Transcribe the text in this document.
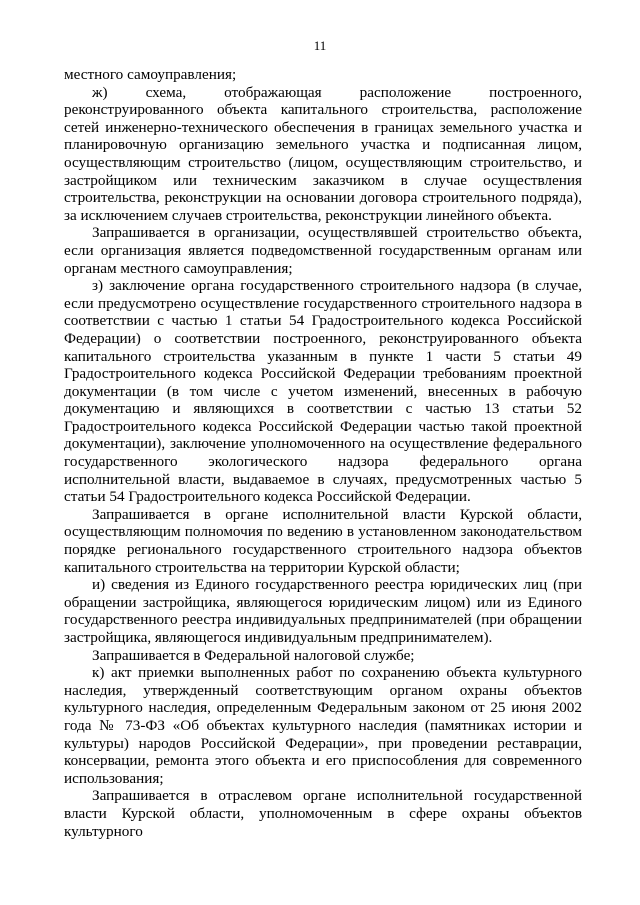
11

местного самоуправления;

ж) схема, отображающая расположение построенного, реконструированного объекта капитального строительства, расположение сетей инженерно-технического обеспечения в границах земельного участка и планировочную организацию земельного участка и подписанная лицом, осуществляющим строительство (лицом, осуществляющим строительство, и застройщиком или техническим заказчиком в случае осуществления строительства, реконструкции на основании договора строительного подряда), за исключением случаев строительства, реконструкции линейного объекта.

Запрашивается в организации, осуществлявшей строительство объекта, если организация является подведомственной государственным органам или органам местного самоуправления;

з) заключение органа государственного строительного надзора (в случае, если предусмотрено осуществление государственного строительного надзора в соответствии с частью 1 статьи 54 Градостроительного кодекса Российской Федерации) о соответствии построенного, реконструированного объекта капитального строительства указанным в пункте 1 части 5 статьи 49 Градостроительного кодекса Российской Федерации требованиям проектной документации (в том числе с учетом изменений, внесенных в рабочую документацию и являющихся в соответствии с частью 13 статьи 52 Градостроительного кодекса Российской Федерации частью такой проектной документации), заключение уполномоченного на осуществление федерального государственного экологического надзора федерального органа исполнительной власти, выдаваемое в случаях, предусмотренных частью 5 статьи 54 Градостроительного кодекса Российской Федерации.

Запрашивается в органе исполнительной власти Курской области, осуществляющим полномочия по ведению в установленном законодательством порядке регионального государственного строительного надзора объектов капитального строительства на территории Курской области;

и) сведения из Единого государственного реестра юридических лиц (при обращении застройщика, являющегося юридическим лицом) или из Единого государственного реестра индивидуальных предпринимателей (при обращении застройщика, являющегося индивидуальным предпринимателем).

Запрашивается в Федеральной налоговой службе;

к) акт приемки выполненных работ по сохранению объекта культурного наследия, утвержденный соответствующим органом охраны объектов культурного наследия, определенным Федеральным законом от 25 июня 2002 года № 73-ФЗ «Об объектах культурного наследия (памятниках истории и культуры) народов Российской Федерации», при проведении реставрации, консервации, ремонта этого объекта и его приспособления для современного использования;

Запрашивается в отраслевом органе исполнительной государственной власти Курской области, уполномоченным в сфере охраны объектов культурного
